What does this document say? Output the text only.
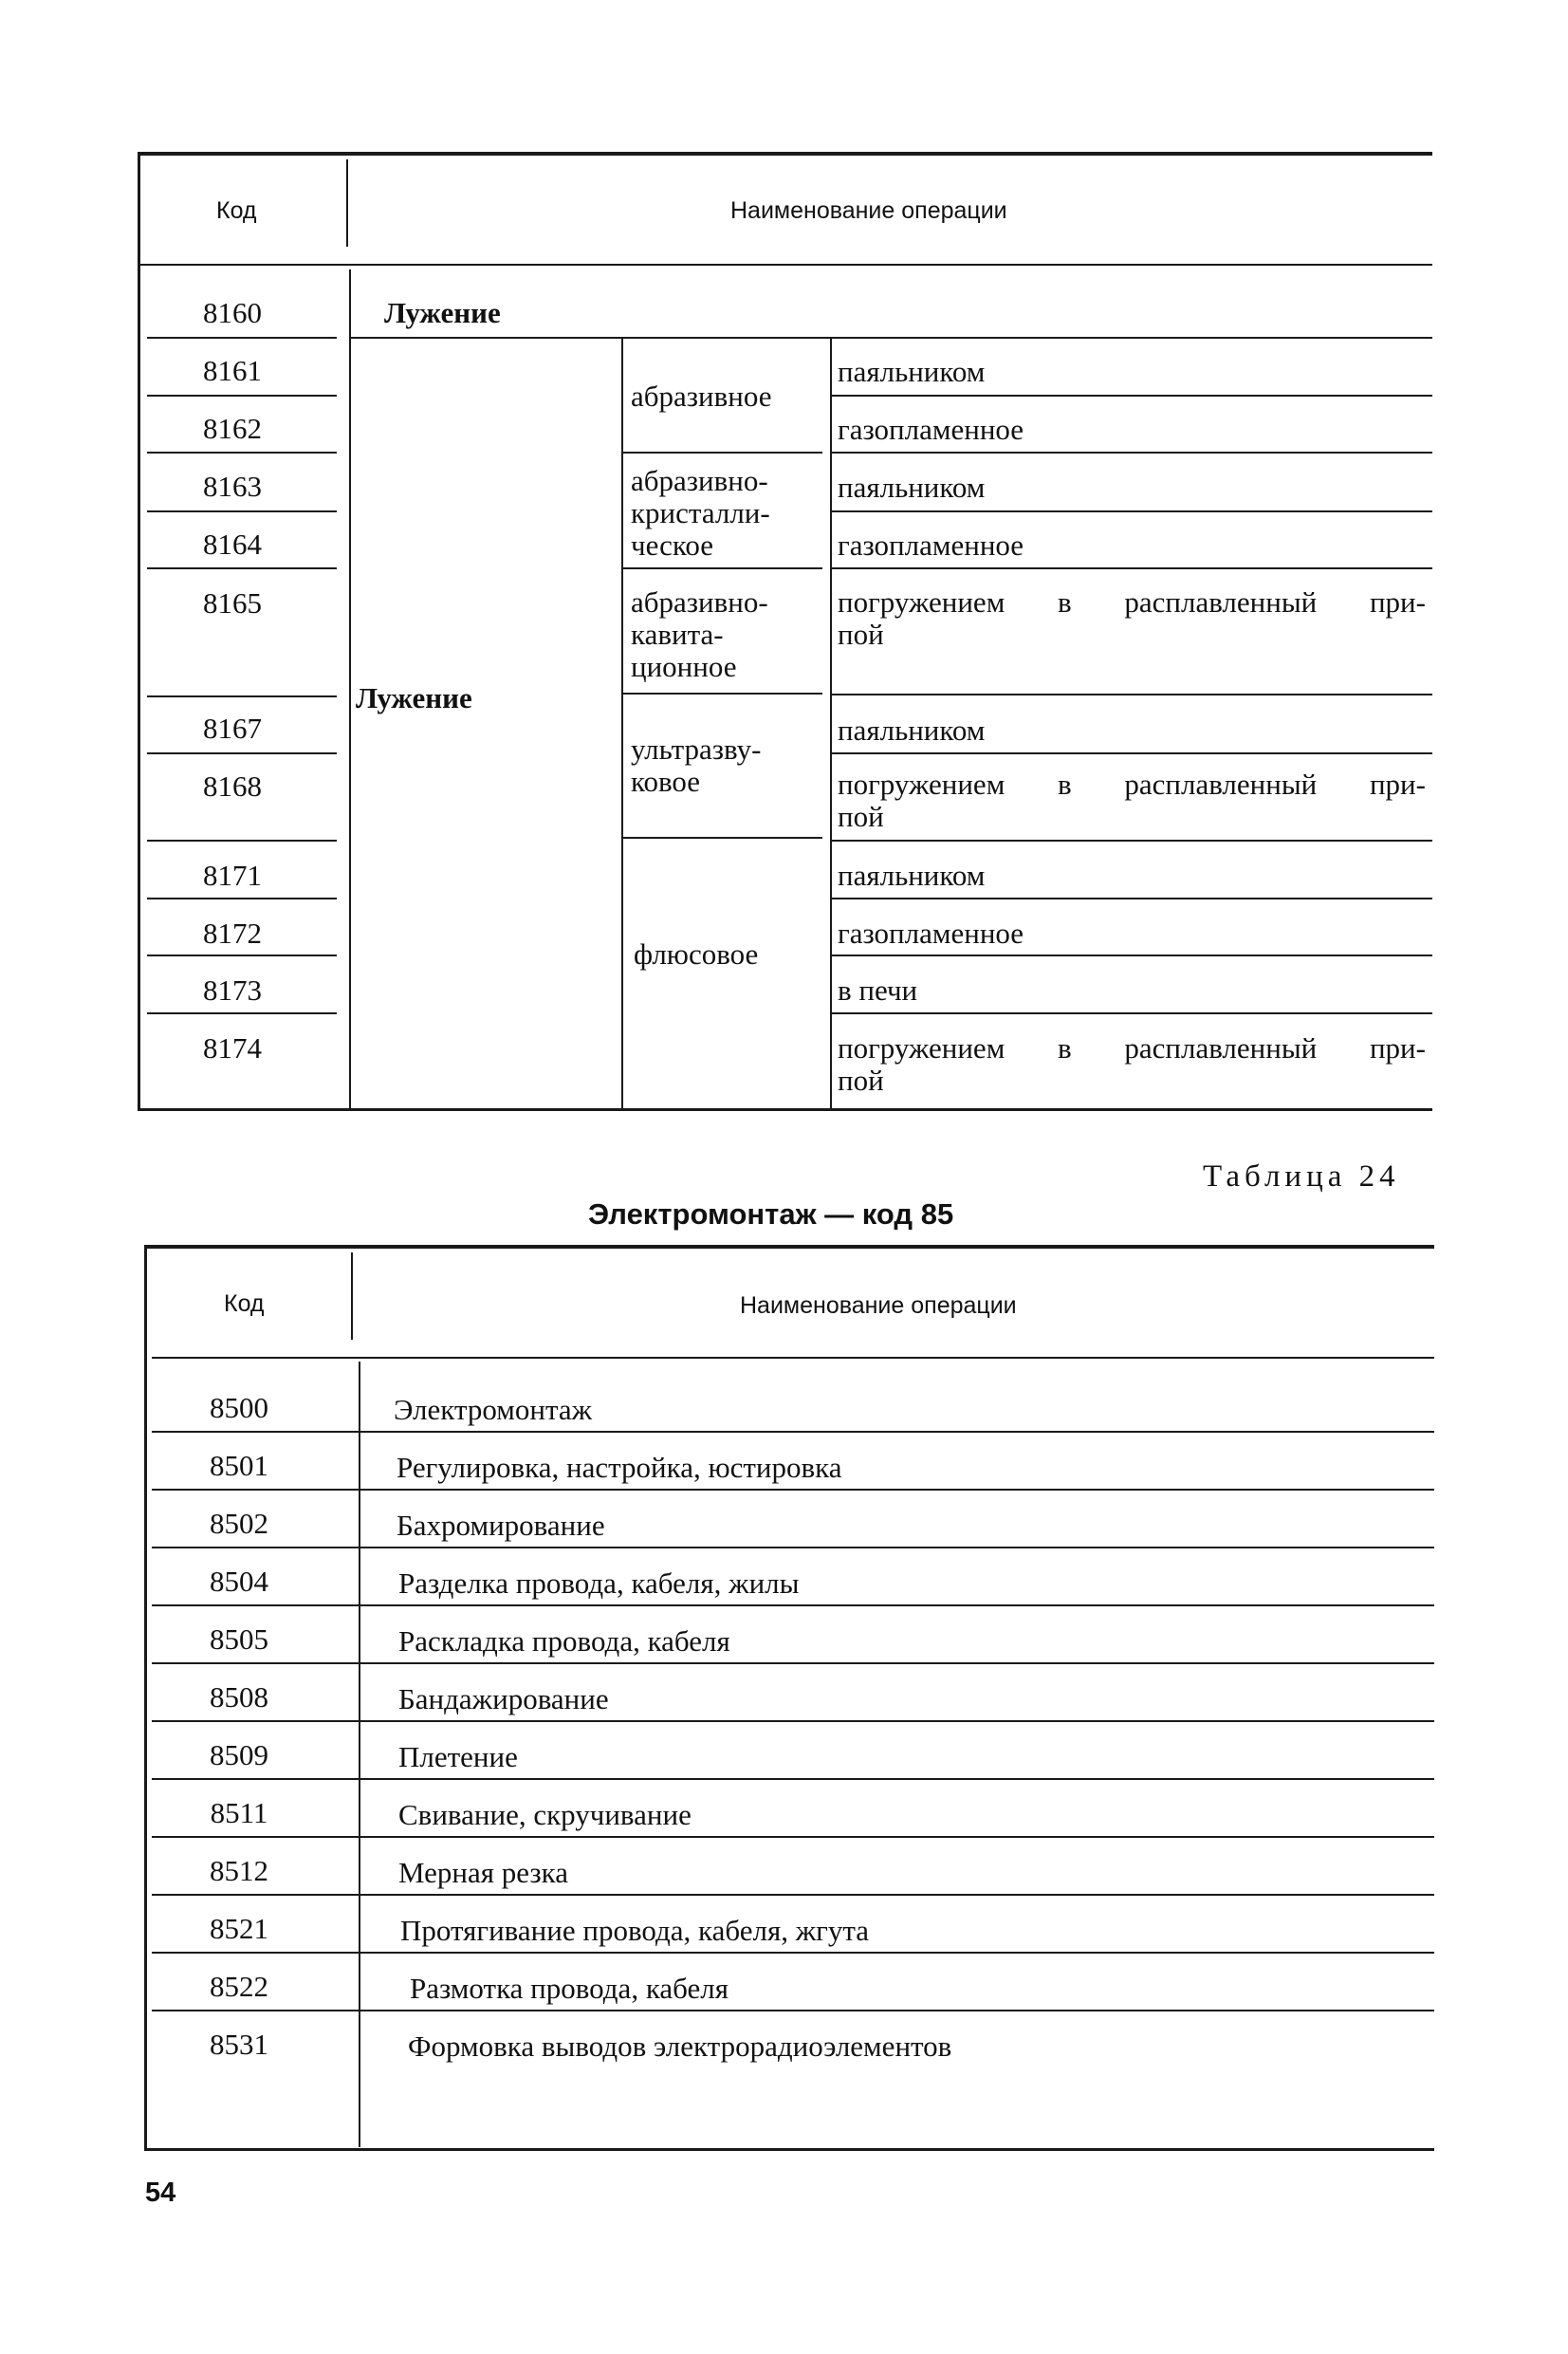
Код	Наименование операции
8160
8161
8162
8163
8164
8165
8167
8168
8171
8172
8173
8174
Лужение
Лужение
абразивное
абразивно-
кристалли-
ческое
абразивно-
кавита-
ционное
ультразву-
ковое
флюсовое
паяльником
газопламенное
паяльником
газопламенное
погружением в расплавленный при-
пой
паяльником
погружением в расплавленный при-
пой
паяльником
газопламенное
в печи
погружением в расплавленный при-
пой
Таблица 24
Электромонтаж — код 85
Код	Наименование операции
8500
8501
8502
8504
8505
8508
8509
8511
8512
8521
8522
8531
Электромонтаж
Регулировка, настройка, юстировка
Бахромирование
Разделка провода, кабеля, жилы
Раскладка провода, кабеля
Бандажирование
Плетение
Свивание, скручивание
Мерная резка
Протягивание провода, кабеля, жгута
Размотка провода, кабеля
Формовка выводов электрорадиоэлементов
54
